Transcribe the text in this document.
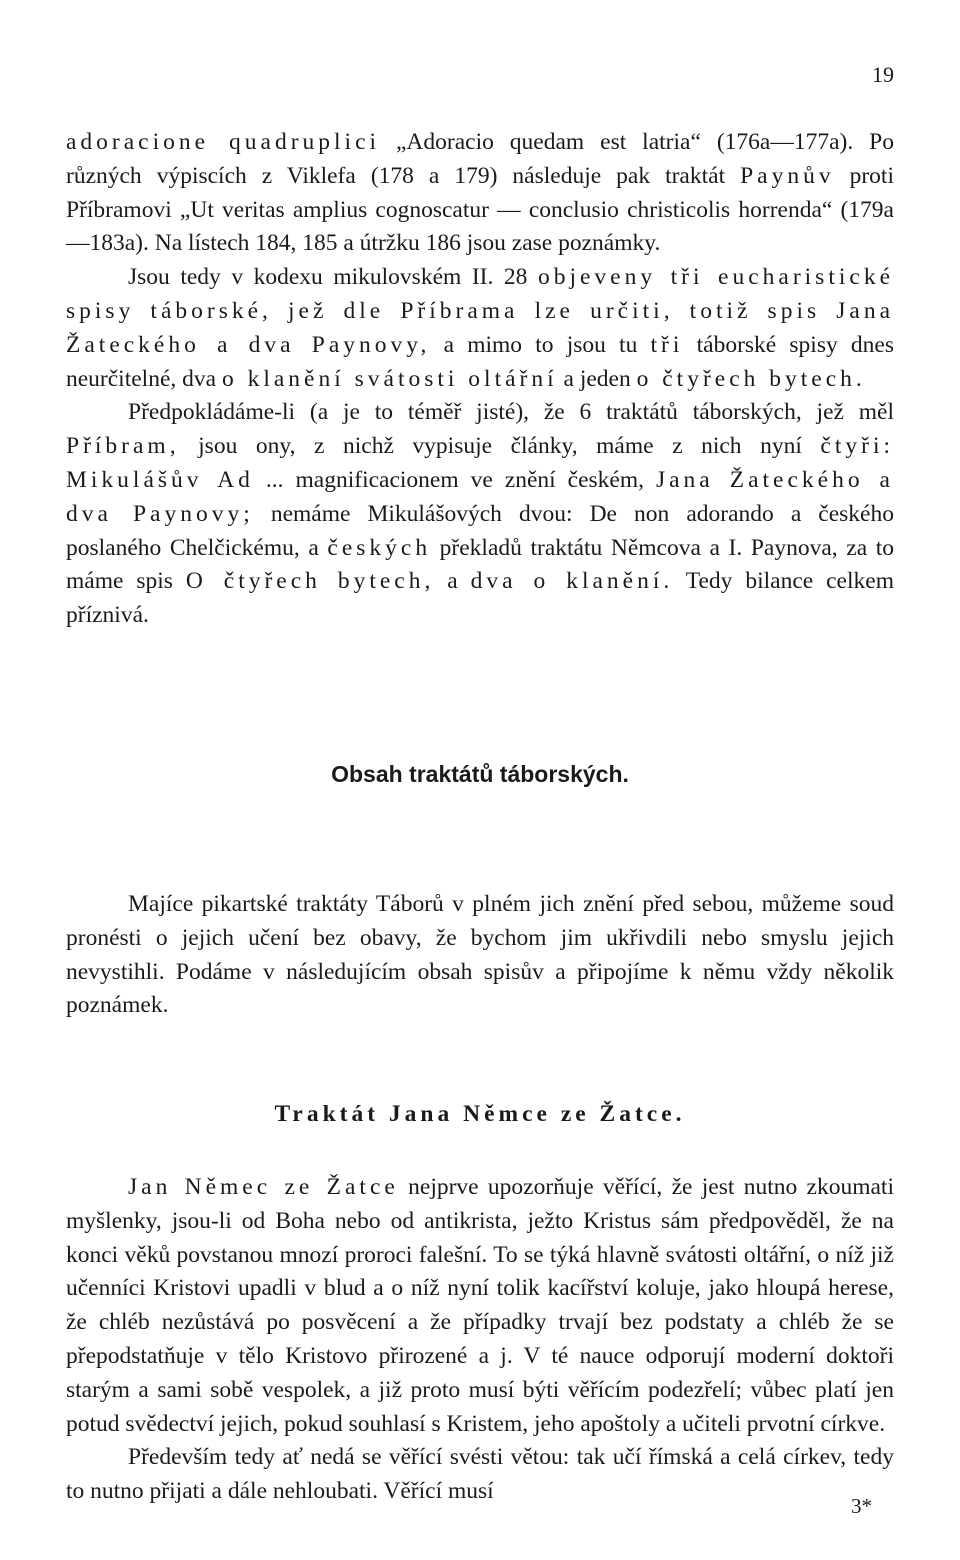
19

adoracione quadruplici „Adoracio quedam est latria“ (176a—177a). Po různých výpiscích z Viklefa (178 a 179) následuje pak traktát Paynův proti Příbramovi „Ut veritas amplius cognoscatur — conclusio christicolis horrenda“ (179a—183a). Na lístech 184, 185 a útržku 186 jsou zase poznámky.

Jsou tedy v kodexu mikulovském II. 28 objeveny tři eucharistické spisy táborské, jež dle Příbrama lze určiti, totiž spis Jana Žateckého a dva Paynovy, a mimo to jsou tu tři táborské spisy dnes neurčitelné, dva o klanění svátosti oltářní a jeden o čtyřech bytech.

Předpokládáme-li (a je to téměř jisté), že 6 traktátů táborských, jež měl Příbram, jsou ony, z nichž vypisuje články, máme z nich nyní čtyři: Mikulášův Ad ... magnificacionem ve znění českém, Jana Žateckého a dva Paynovy; nemáme Mikulášových dvou: De non adorando a českého poslaného Chelčickému, a českých překladů traktátu Němcova a I. Paynova, za to máme spis O čtyřech bytech, a dva o klanění. Tedy bilance celkem příznivá.

Obsah traktátů táborských.

Majíce pikartské traktáty Táborů v plném jich znění před sebou, můžeme soud pronésti o jejich učení bez obavy, že bychom jim ukřivdili nebo smyslu jejich nevystihli. Podáme v následujícím obsah spisův a připojíme k němu vždy několik poznámek.

Traktát Jana Němce ze Žatce.

Jan Němec ze Žatce nejprve upozorňuje věřící, že jest nutno zkoumati myšlenky, jsou-li od Boha nebo od antikrista, ježto Kristus sám předpověděl, že na konci věků povstanou mnozí proroci falešní. To se týká hlavně svátosti oltářní, o níž již učenníci Kristovi upadli v blud a o níž nyní tolik kacířství koluje, jako hloupá herese, že chléb nezůstává po posvěcení a že případky trvají bez podstaty a chléb že se přepodstatňuje v tělo Kristovo přirozené a j. V té nauce odporují moderní doktoři starým a sami sobě vespolek, a již proto musí býti věřícím podezřelí; vůbec platí jen potud svědectví jejich, pokud souhlasí s Kristem, jeho apoštoly a učiteli prvotní církve.

Především tedy ať nedá se věřící svésti větou: tak učí římská a celá církev, tedy to nutno přijati a dále nehloubati. Věřící musí

3*
